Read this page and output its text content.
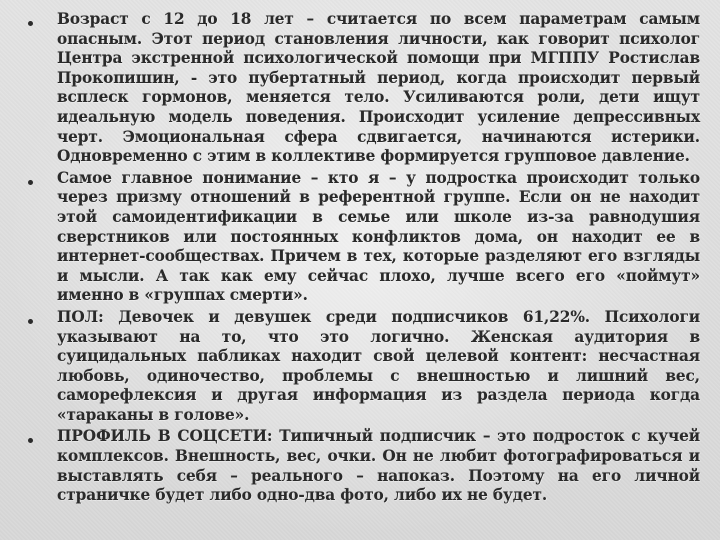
Возраст с 12 до 18 лет – считается по всем параметрам самым опасным. Этот период становления личности, как говорит психолог Центра экстренной психологической помощи при МГППУ Ростислав Прокопишин, - это пубертатный период, когда происходит первый всплеск гормонов, меняется тело. Усиливаются роли, дети ищут идеальную модель поведения. Происходит усиление депрессивных черт. Эмоциональная сфера сдвигается, начинаются истерики. Одновременно с этим в коллективе формируется групповое давление.
Самое главное понимание – кто я – у подростка происходит только через призму отношений в референтной группе. Если он не находит этой самоидентификации в семье или школе из-за равнодушия сверстников или постоянных конфликтов дома, он находит ее в интернет-сообществах. Причем в тех, которые разделяют его взгляды и мысли. А так как ему сейчас плохо, лучше всего его «поймут» именно в «группах смерти».
ПОЛ: Девочек и девушек среди подписчиков 61,22%. Психологи указывают на то, что это логично. Женская аудитория в суицидальных пабликах находит свой целевой контент: несчастная любовь, одиночество, проблемы с внешностью и лишний вес, саморефлексия и другая информация из раздела периода когда «тараканы в голове».
ПРОФИЛЬ В СОЦСЕТИ: Типичный подписчик – это подросток с кучей комплексов. Внешность, вес, очки. Он не любит фотографироваться и выставлять себя – реального – напоказ. Поэтому на его личной страничке будет либо одно-два фото, либо их не будет.
